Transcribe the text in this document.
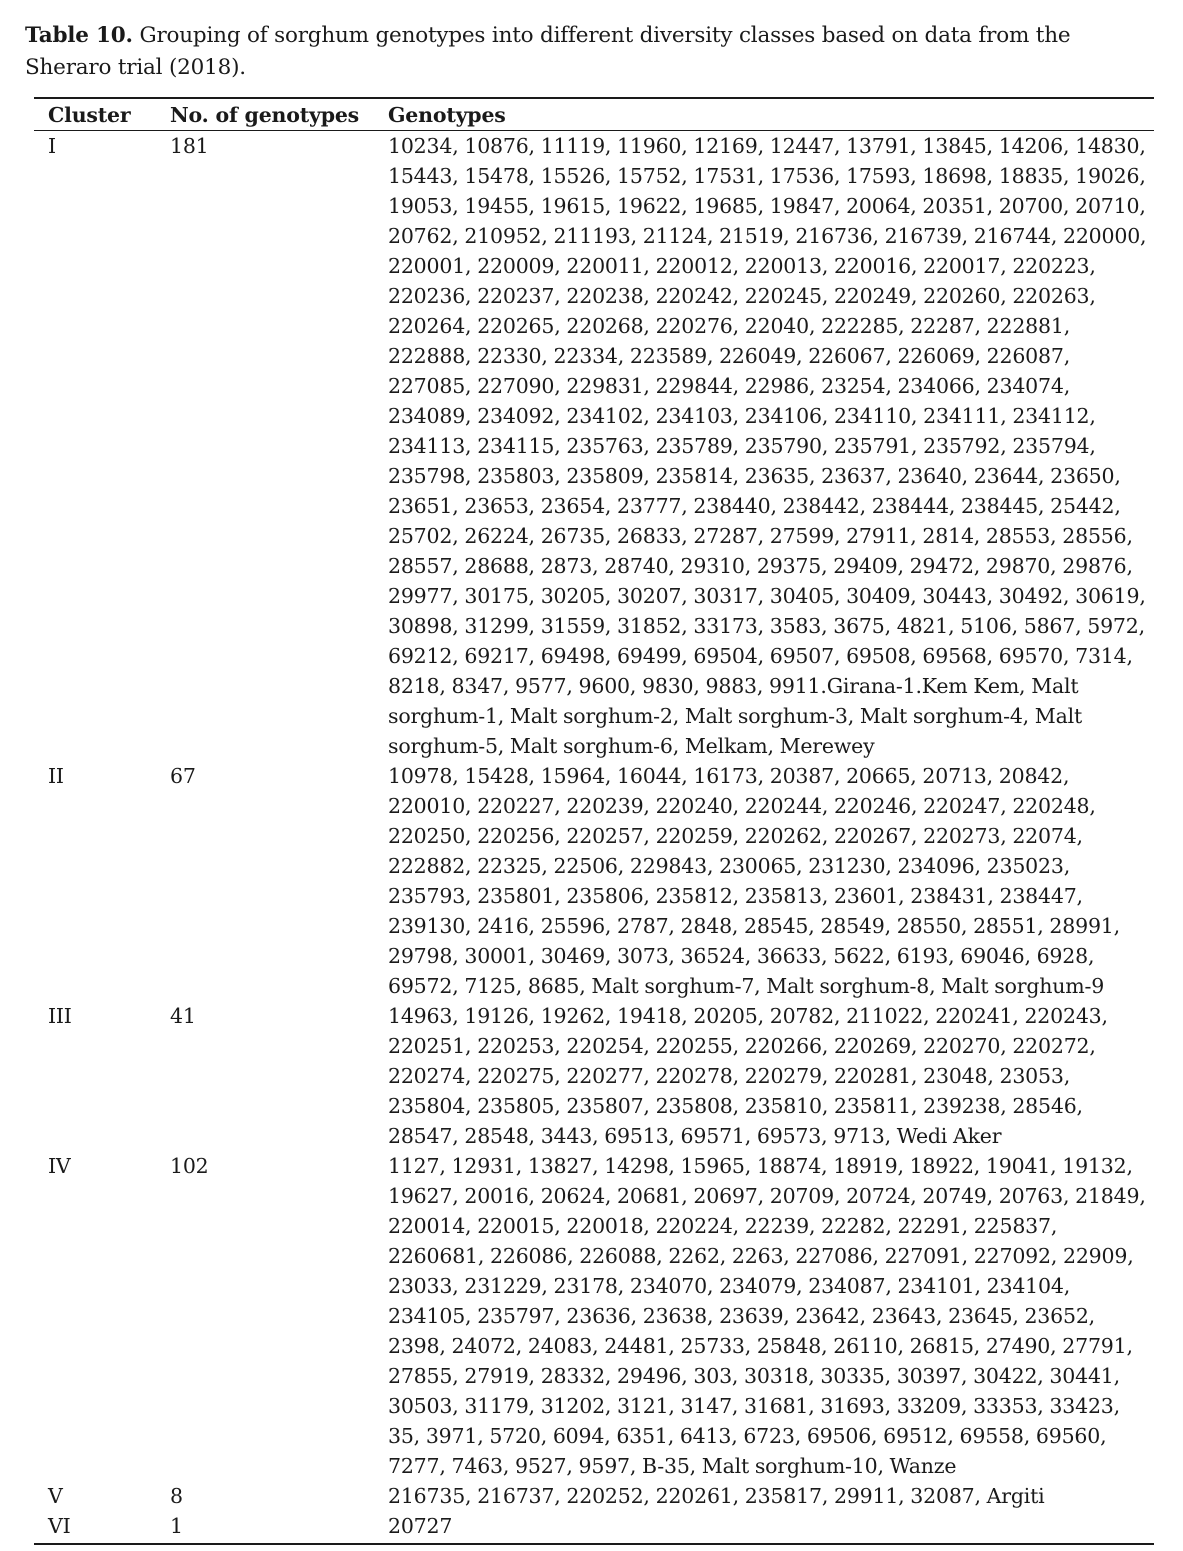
Table 10. Grouping of sorghum genotypes into different diversity classes based on data from the Sheraro trial (2018).
Cluster	No. of genotypes	Genotypes
I	181	10234, 10876, 11119, 11960, 12169, 12447, 13791, 13845, 14206, 14830, 15443, 15478, 15526, 15752, 17531, 17536, 17593, 18698, 18835, 19026, 19053, 19455, 19615, 19622, 19685, 19847, 20064, 20351, 20700, 20710, 20762, 210952, 211193, 21124, 21519, 216736, 216739, 216744, 220000, 220001, 220009, 220011, 220012, 220013, 220016, 220017, 220223, 220236, 220237, 220238, 220242, 220245, 220249, 220260, 220263, 220264, 220265, 220268, 220276, 22040, 222285, 22287, 222881, 222888, 22330, 22334, 223589, 226049, 226067, 226069, 226087, 227085, 227090, 229831, 229844, 22986, 23254, 234066, 234074, 234089, 234092, 234102, 234103, 234106, 234110, 234111, 234112, 234113, 234115, 235763, 235789, 235790, 235791, 235792, 235794, 235798, 235803, 235809, 235814, 23635, 23637, 23640, 23644, 23650, 23651, 23653, 23654, 23777, 238440, 238442, 238444, 238445, 25442, 25702, 26224, 26735, 26833, 27287, 27599, 27911, 2814, 28553, 28556, 28557, 28688, 2873, 28740, 29310, 29375, 29409, 29472, 29870, 29876, 29977, 30175, 30205, 30207, 30317, 30405, 30409, 30443, 30492, 30619, 30898, 31299, 31559, 31852, 33173, 3583, 3675, 4821, 5106, 5867, 5972, 69212, 69217, 69498, 69499, 69504, 69507, 69508, 69568, 69570, 7314, 8218, 8347, 9577, 9600, 9830, 9883, 9911.Girana-1.Kem Kem, Malt sorghum-1, Malt sorghum-2, Malt sorghum-3, Malt sorghum-4, Malt sorghum-5, Malt sorghum-6, Melkam, Merewey
II	67	10978, 15428, 15964, 16044, 16173, 20387, 20665, 20713, 20842, 220010, 220227, 220239, 220240, 220244, 220246, 220247, 220248, 220250, 220256, 220257, 220259, 220262, 220267, 220273, 22074, 222882, 22325, 22506, 229843, 230065, 231230, 234096, 235023, 235793, 235801, 235806, 235812, 235813, 23601, 238431, 238447, 239130, 2416, 25596, 2787, 2848, 28545, 28549, 28550, 28551, 28991, 29798, 30001, 30469, 3073, 36524, 36633, 5622, 6193, 69046, 6928, 69572, 7125, 8685, Malt sorghum-7, Malt sorghum-8, Malt sorghum-9
III	41	14963, 19126, 19262, 19418, 20205, 20782, 211022, 220241, 220243, 220251, 220253, 220254, 220255, 220266, 220269, 220270, 220272, 220274, 220275, 220277, 220278, 220279, 220281, 23048, 23053, 235804, 235805, 235807, 235808, 235810, 235811, 239238, 28546, 28547, 28548, 3443, 69513, 69571, 69573, 9713, Wedi Aker
IV	102	1127, 12931, 13827, 14298, 15965, 18874, 18919, 18922, 19041, 19132, 19627, 20016, 20624, 20681, 20697, 20709, 20724, 20749, 20763, 21849, 220014, 220015, 220018, 220224, 22239, 22282, 22291, 225837, 2260681, 226086, 226088, 2262, 2263, 227086, 227091, 227092, 22909, 23033, 231229, 23178, 234070, 234079, 234087, 234101, 234104, 234105, 235797, 23636, 23638, 23639, 23642, 23643, 23645, 23652, 2398, 24072, 24083, 24481, 25733, 25848, 26110, 26815, 27490, 27791, 27855, 27919, 28332, 29496, 303, 30318, 30335, 30397, 30422, 30441, 30503, 31179, 31202, 3121, 3147, 31681, 31693, 33209, 33353, 33423, 35, 3971, 5720, 6094, 6351, 6413, 6723, 69506, 69512, 69558, 69560, 7277, 7463, 9527, 9597, B-35, Malt sorghum-10, Wanze
V	8	216735, 216737, 220252, 220261, 235817, 29911, 32087, Argiti
VI	1	20727
